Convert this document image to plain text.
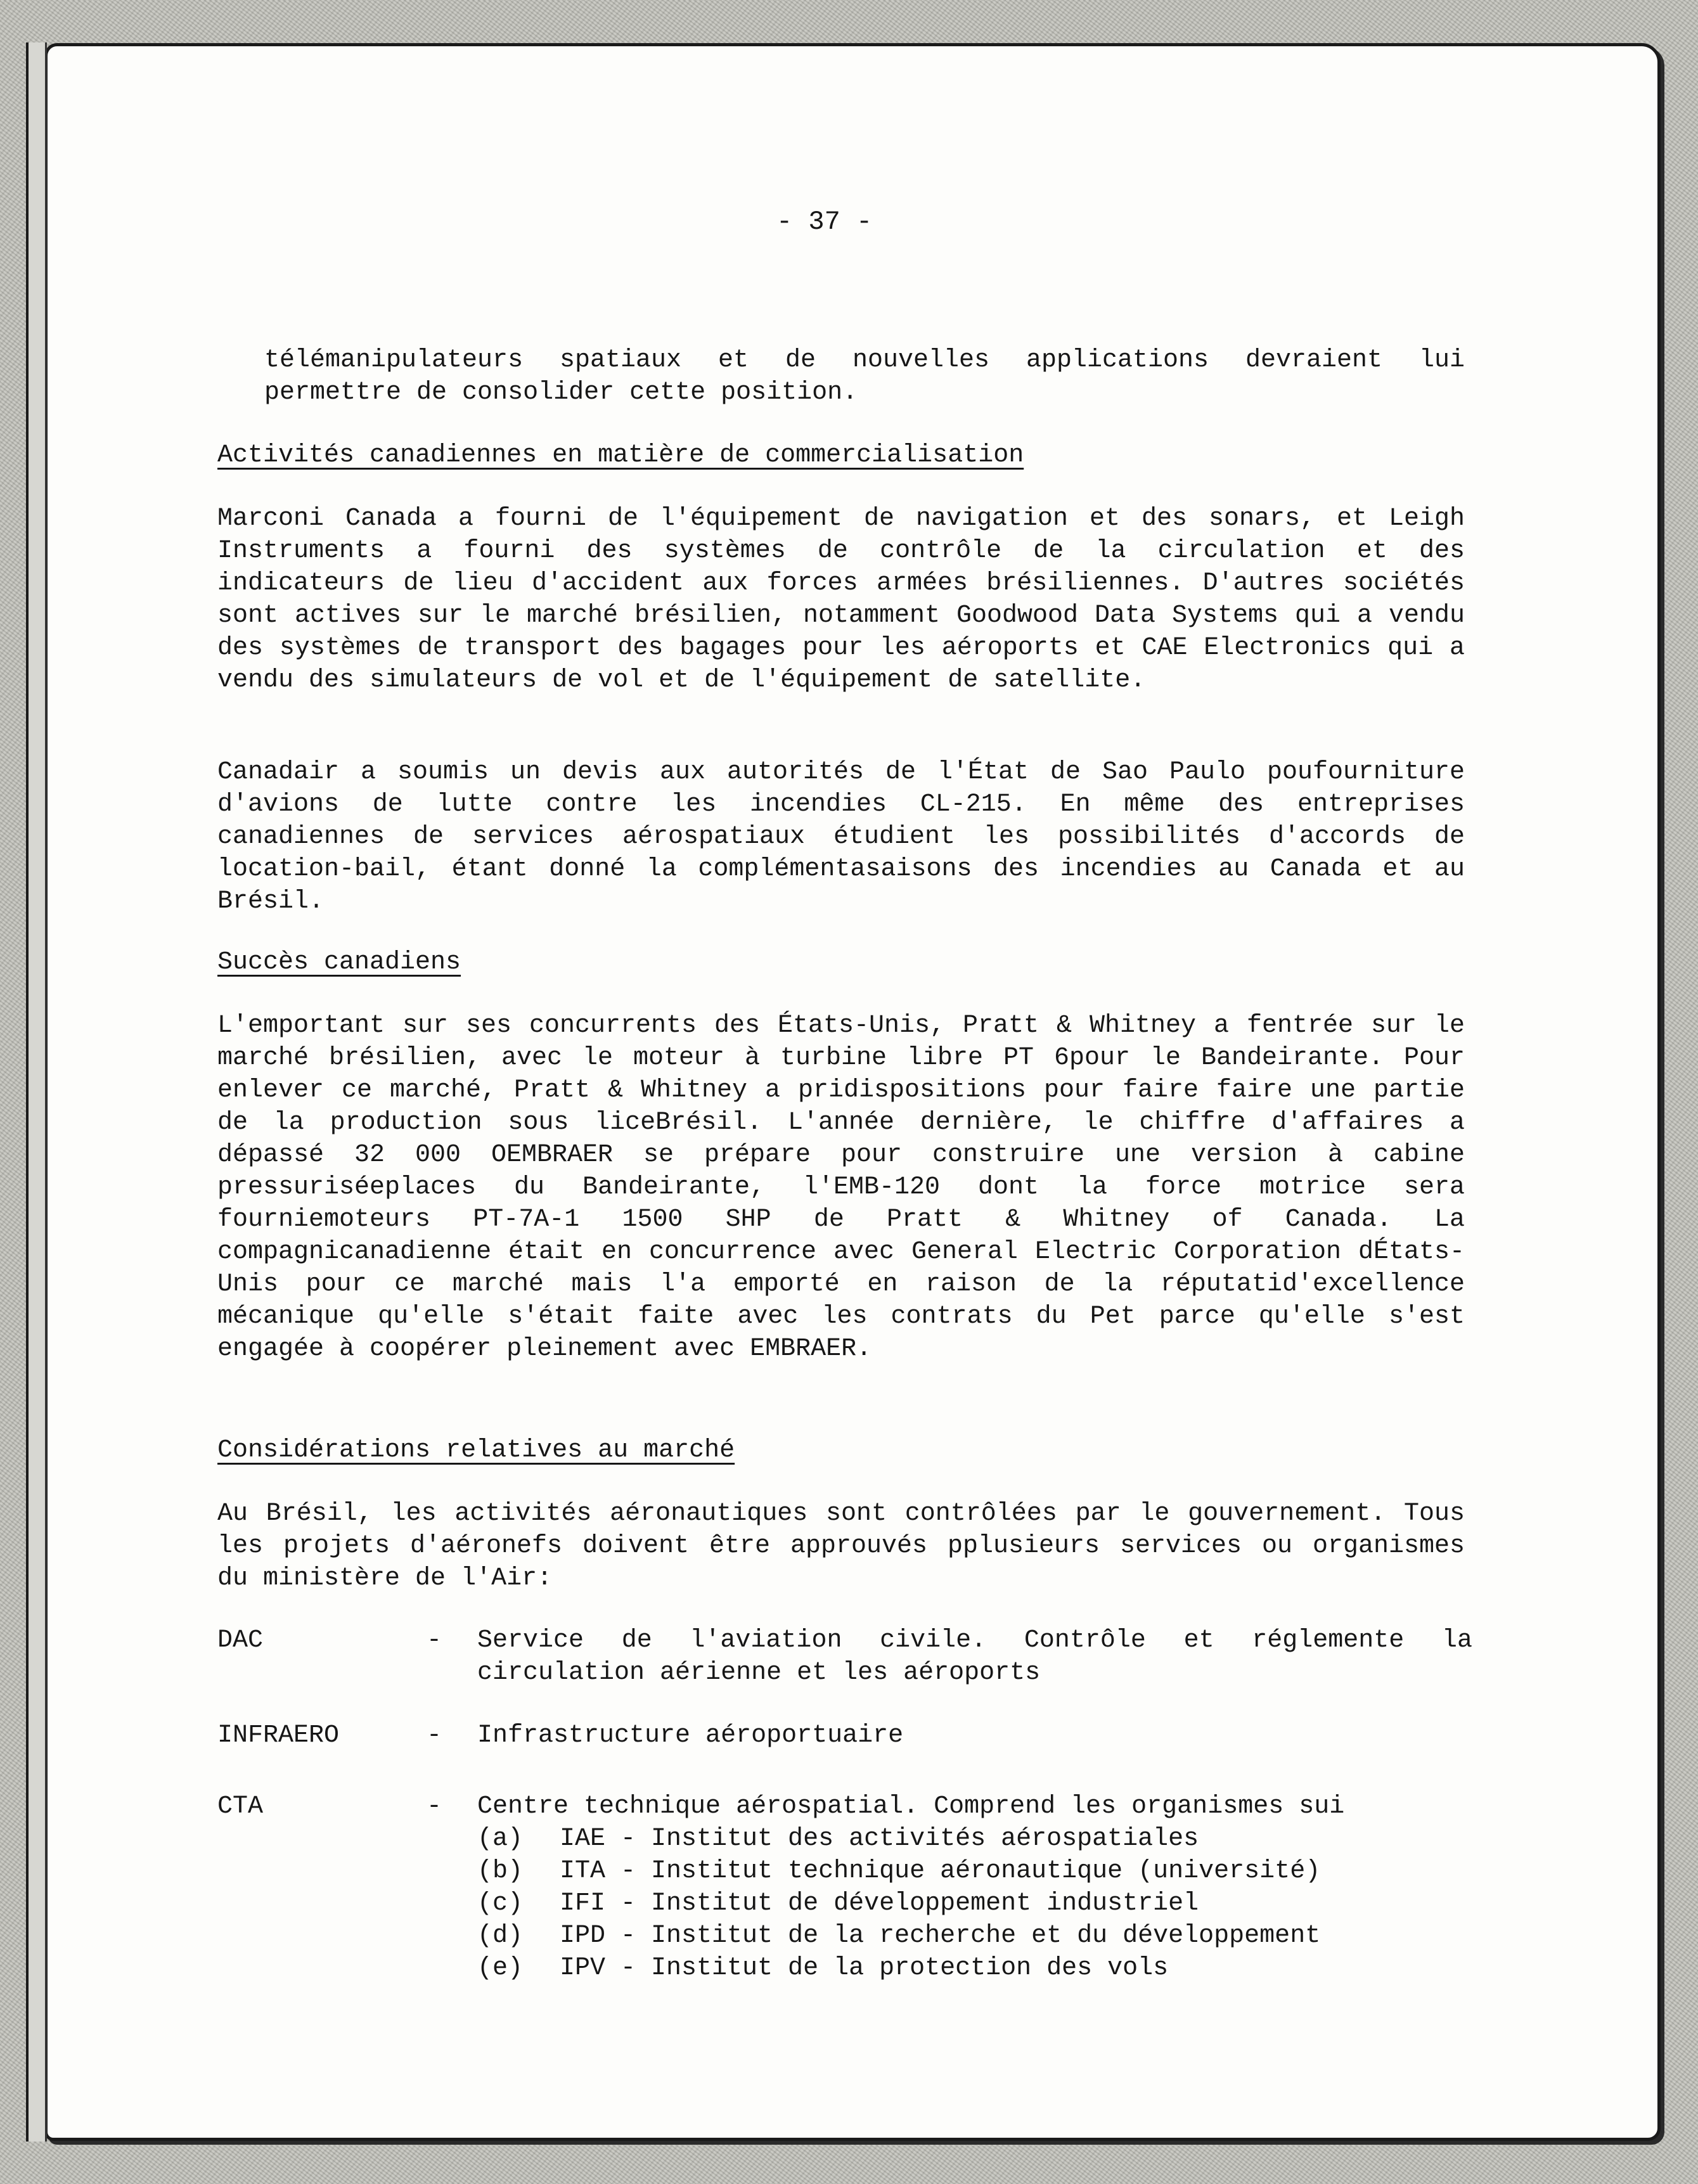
- 37 -

télémanipulateurs spatiaux et de nouvelles applications devraient lui permettre de consolider cette position.

Activités canadiennes en matière de commercialisation

Marconi Canada a fourni de l'équipement de navigation et des sonars, et Leigh Instruments a fourni des systèmes de contrôle de la circulation et des indicateurs de lieu d'accident aux forces armées brésiliennes. D'autres sociétés sont actives sur le marché brésilien, notamment Goodwood Data Systems qui a vendu des systèmes de transport des bagages pour les aéroports et CAE Electronics qui a vendu des simulateurs de vol et de l'équipement de satellite.

Canadair a soumis un devis aux autorités de l'État de Sao Paulo poufourniture d'avions de lutte contre les incendies CL-215. En même des entreprises canadiennes de services aérospatiaux étudient les possibilités d'accords de location-bail, étant donné la complémentasaisons des incendies au Canada et au Brésil.

Succès canadiens

L'emportant sur ses concurrents des États-Unis, Pratt & Whitney a fentrée sur le marché brésilien, avec le moteur à turbine libre PT 6pour le Bandeirante. Pour enlever ce marché, Pratt & Whitney a pridispositions pour faire faire une partie de la production sous liceBrésil. L'année dernière, le chiffre d'affaires a dépassé 32 000 OEMBRAER se prépare pour construire une version à cabine pressuriséeplaces du Bandeirante, l'EMB-120 dont la force motrice sera fourniemoteurs PT-7A-1 1500 SHP de Pratt & Whitney of Canada. La compagnicanadienne était en concurrence avec General Electric Corporation dÉtats-Unis pour ce marché mais l'a emporté en raison de la réputatid'excellence mécanique qu'elle s'était faite avec les contrats du Pet parce qu'elle s'est engagée à coopérer pleinement avec EMBRAER.

Considérations relatives au marché

Au Brésil, les activités aéronautiques sont contrôlées par le gouvernement. Tous les projets d'aéronefs doivent être approuvés pplusieurs services ou organismes du ministère de l'Air:

DAC	-	Service de l'aviation civile. Contrôle et réglemente la circulation aérienne et les aéroports
INFRAERO	-	Infrastructure aéroportuaire
CTA	-	Centre technique aérospatial. Comprend les organismes sui
(a) IAE - Institut des activités aérospatiales
(b) ITA - Institut technique aéronautique (université)
(c) IFI - Institut de développement industriel
(d) IPD - Institut de la recherche et du développement
(e) IPV - Institut de la protection des vols
